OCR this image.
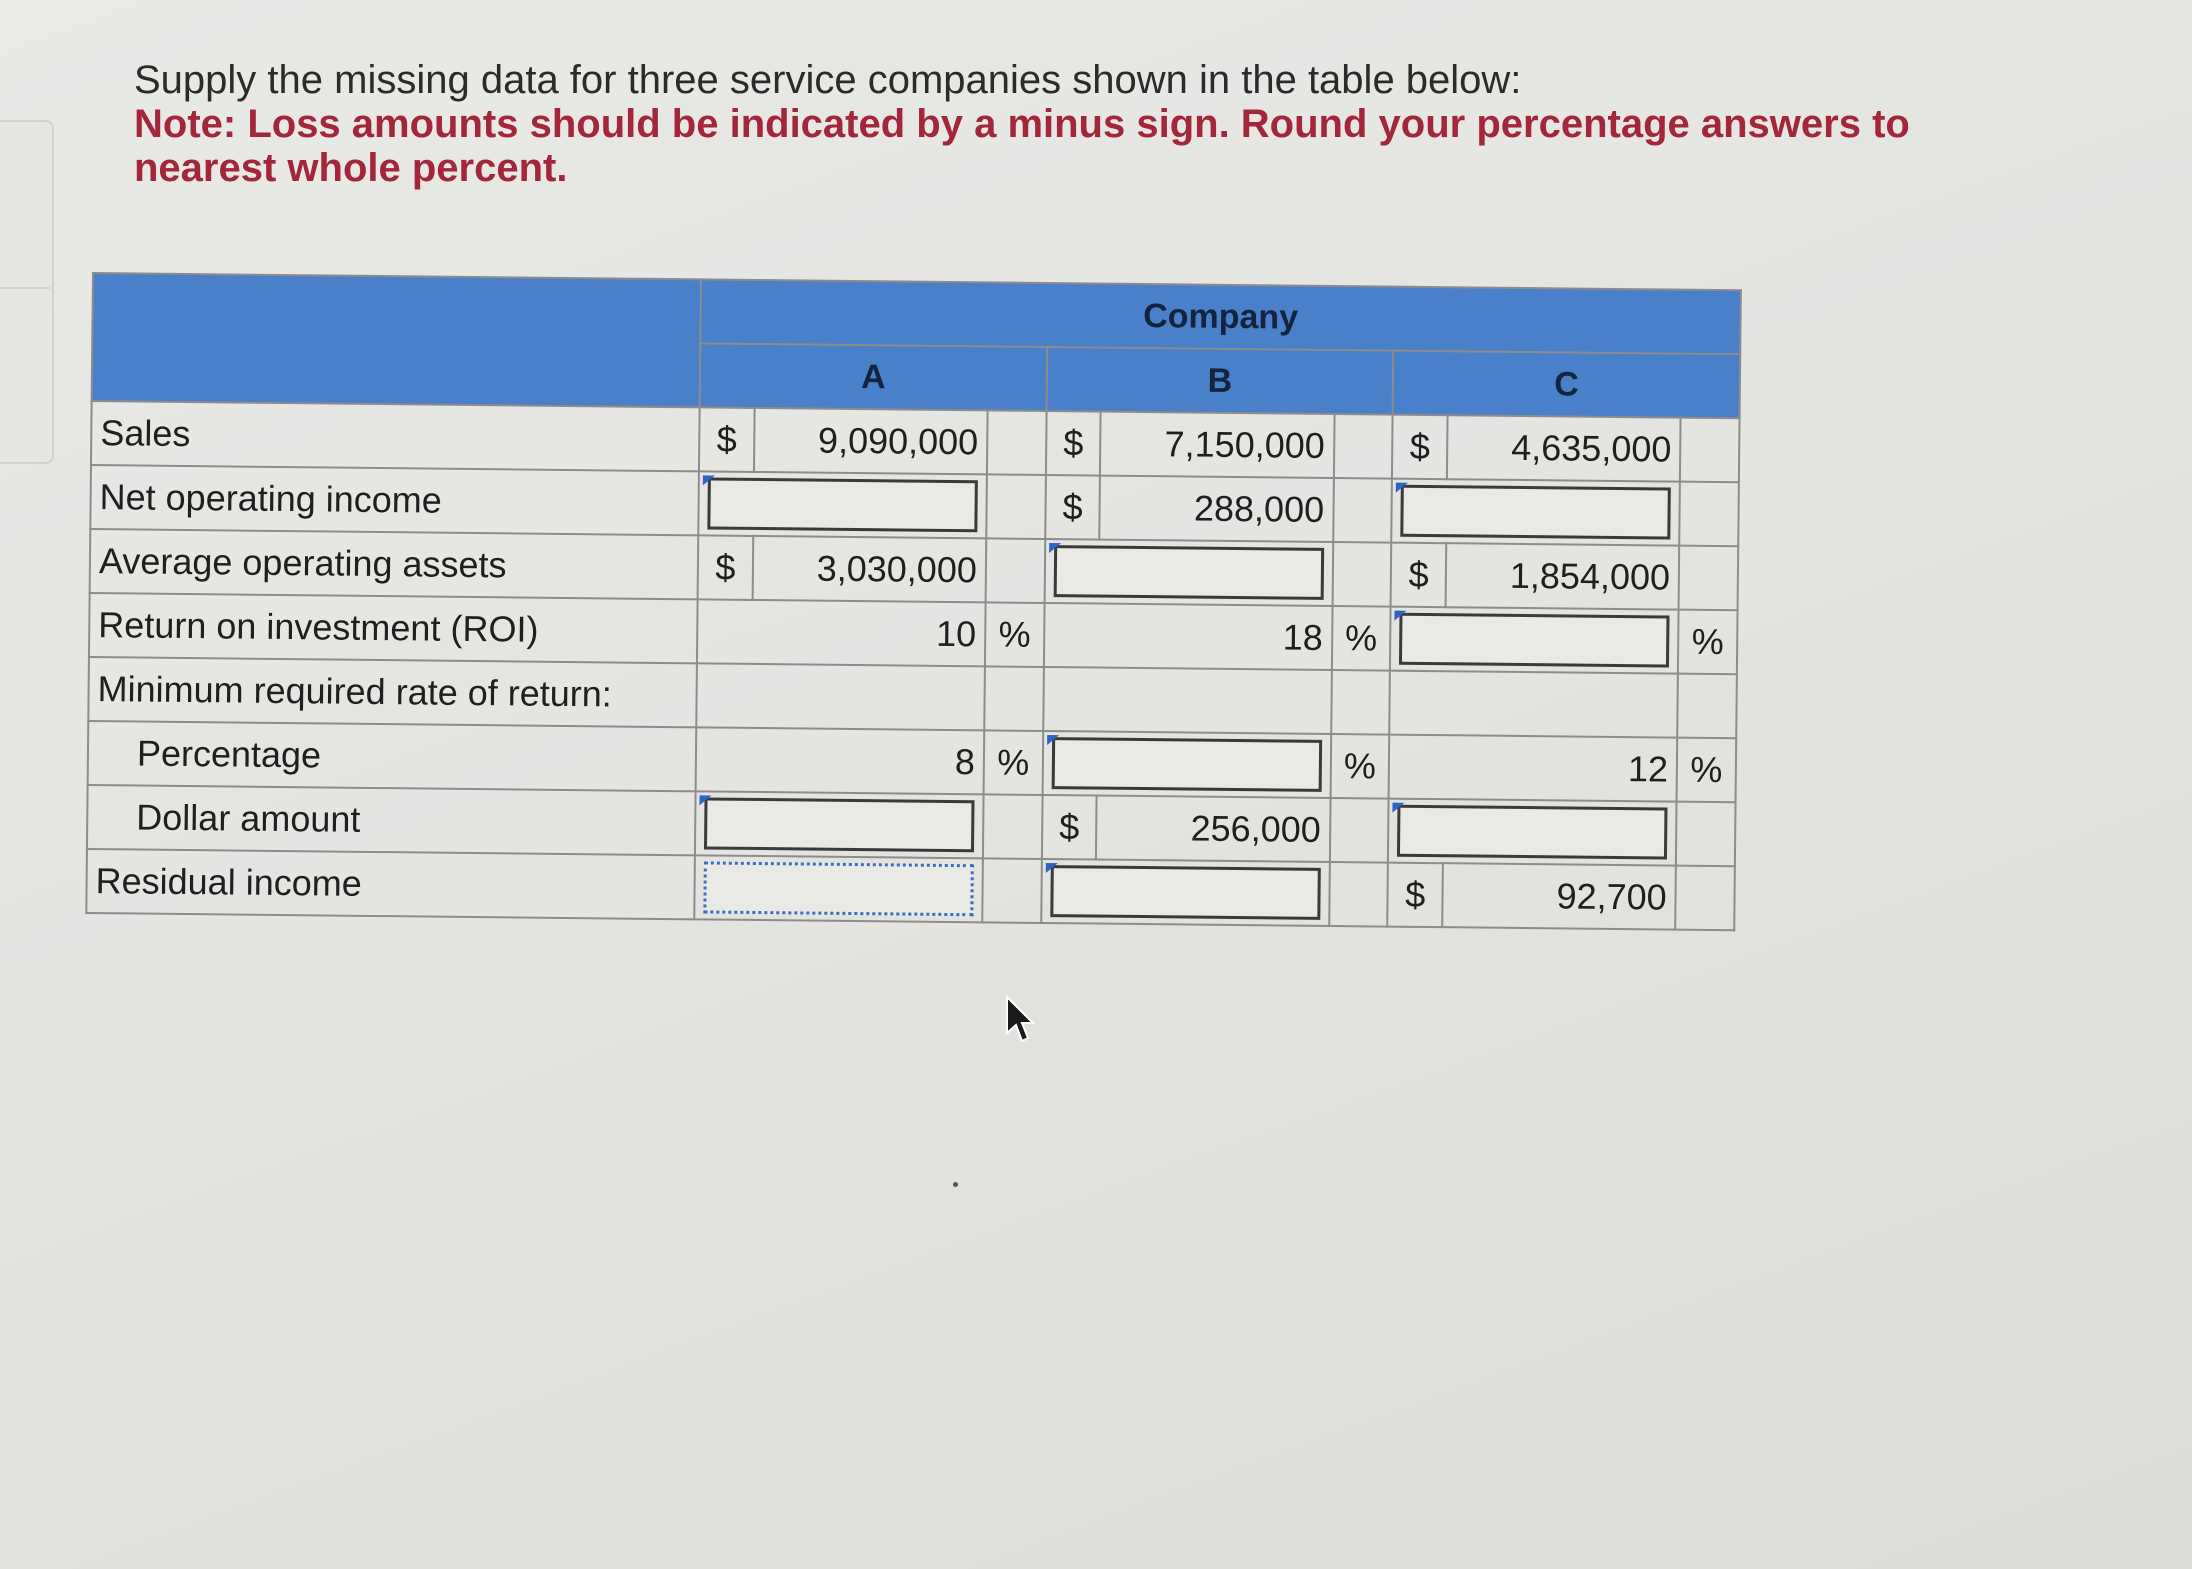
Supply the missing data for three service companies shown in the table below:
Note: Loss amounts should be indicated by a minus sign. Round your percentage answers to nearest whole percent.
	Company								
	A			B			C		
Sales	$	9,090,000		$	7,150,000		$	4,635,000	
Net operating income				$	288,000			

Average operating assets	$	3,030,000					$	1,854,000	
Return on investment (ROI)	10		%	18		%			%
Minimum required rate of return:									
Percentage	8		%			%	12		%
Dollar amount				$	256,000			

Residual income							$	92,700	
